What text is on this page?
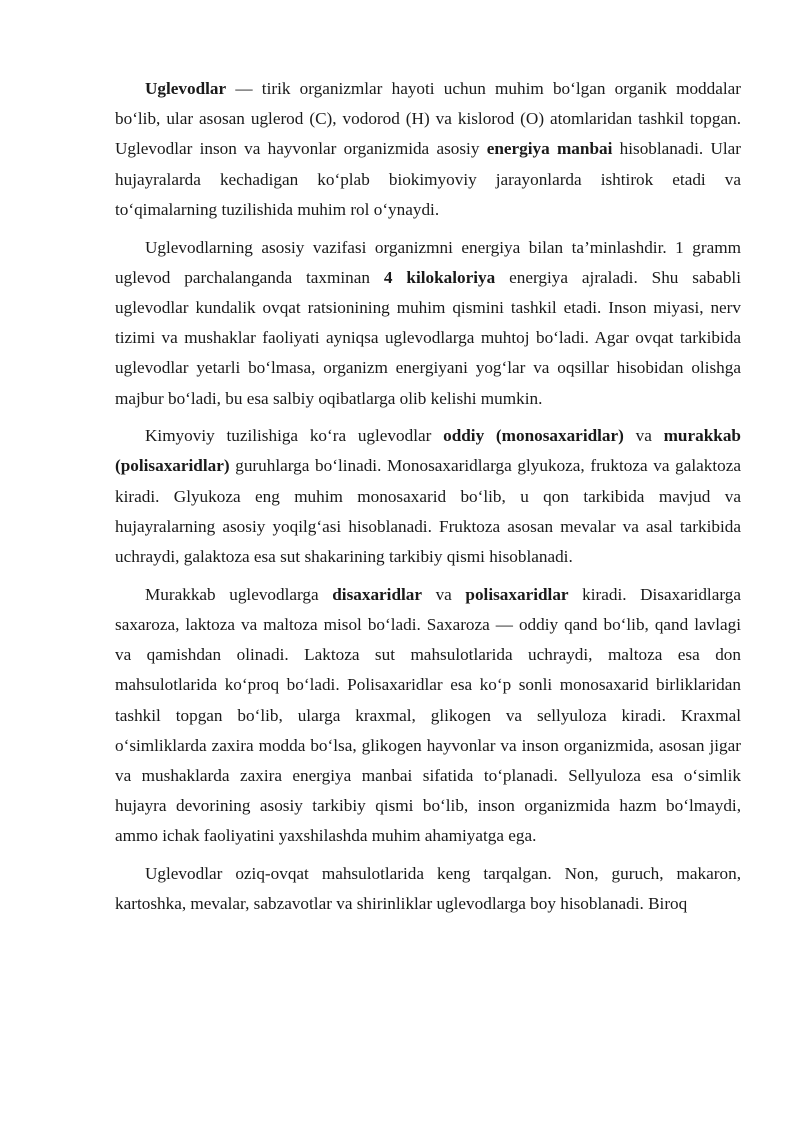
Uglevodlar — tirik organizmlar hayoti uchun muhim bo‘lgan organik moddalar bo‘lib, ular asosan uglerod (C), vodorod (H) va kislorod (O) atomlaridan tashkil topgan. Uglevodlar inson va hayvonlar organizmida asosiy energiya manbai hisoblanadi. Ular hujayralarda kechadigan ko‘plab biokimyoviy jarayonlarda ishtirok etadi va to‘qimalarning tuzilishida muhim rol o‘ynaydi.

Uglevodlarning asosiy vazifasi organizmni energiya bilan ta’minlashdir. 1 gramm uglevod parchalanganda taxminan 4 kilokaloriya energiya ajraladi. Shu sababli uglevodlar kundalik ovqat ratsionining muhim qismini tashkil etadi. Inson miyasi, nerv tizimi va mushaklar faoliyati ayniqsa uglevodlarga muhtoj bo‘ladi. Agar ovqat tarkibida uglevodlar yetarli bo‘lmasa, organizm energiyani yog‘lar va oqsillar hisobidan olishga majbur bo‘ladi, bu esa salbiy oqibatlarga olib kelishi mumkin.

Kimyoviy tuzilishiga ko‘ra uglevodlar oddiy (monosaxaridlar) va murakkab (polisaxaridlar) guruhlarga bo‘linadi. Monosaxaridlarga glyukoza, fruktoza va galaktoza kiradi. Glyukoza eng muhim monosaxarid bo‘lib, u qon tarkibida mavjud va hujayralarning asosiy yoqilg‘asi hisoblanadi. Fruktoza asosan mevalar va asal tarkibida uchraydi, galaktoza esa sut shakarining tarkibiy qismi hisoblanadi.

Murakkab uglevodlarga disaxaridlar va polisaxaridlar kiradi. Disaxaridlarga saxaroza, laktoza va maltoza misol bo‘ladi. Saxaroza — oddiy qand bo‘lib, qand lavlagi va qamishdan olinadi. Laktoza sut mahsulotlarida uchraydi, maltoza esa don mahsulotlarida ko‘proq bo‘ladi. Polisaxaridlar esa ko‘p sonli monosaxarid birliklaridan tashkil topgan bo‘lib, ularga kraxmal, glikogen va sellyuloza kiradi. Kraxmal o‘simliklarda zaxira modda bo‘lsa, glikogen hayvonlar va inson organizmida, asosan jigar va mushaklarda zaxira energiya manbai sifatida to‘planadi. Sellyuloza esa o‘simlik hujayra devorining asosiy tarkibiy qismi bo‘lib, inson organizmida hazm bo‘lmaydi, ammo ichak faoliyatini yaxshilashda muhim ahamiyatga ega.

Uglevodlar oziq-ovqat mahsulotlarida keng tarqalgan. Non, guruch, makaron, kartoshka, mevalar, sabzavotlar va shirinliklar uglevodlarga boy hisoblanadi. Biroq
